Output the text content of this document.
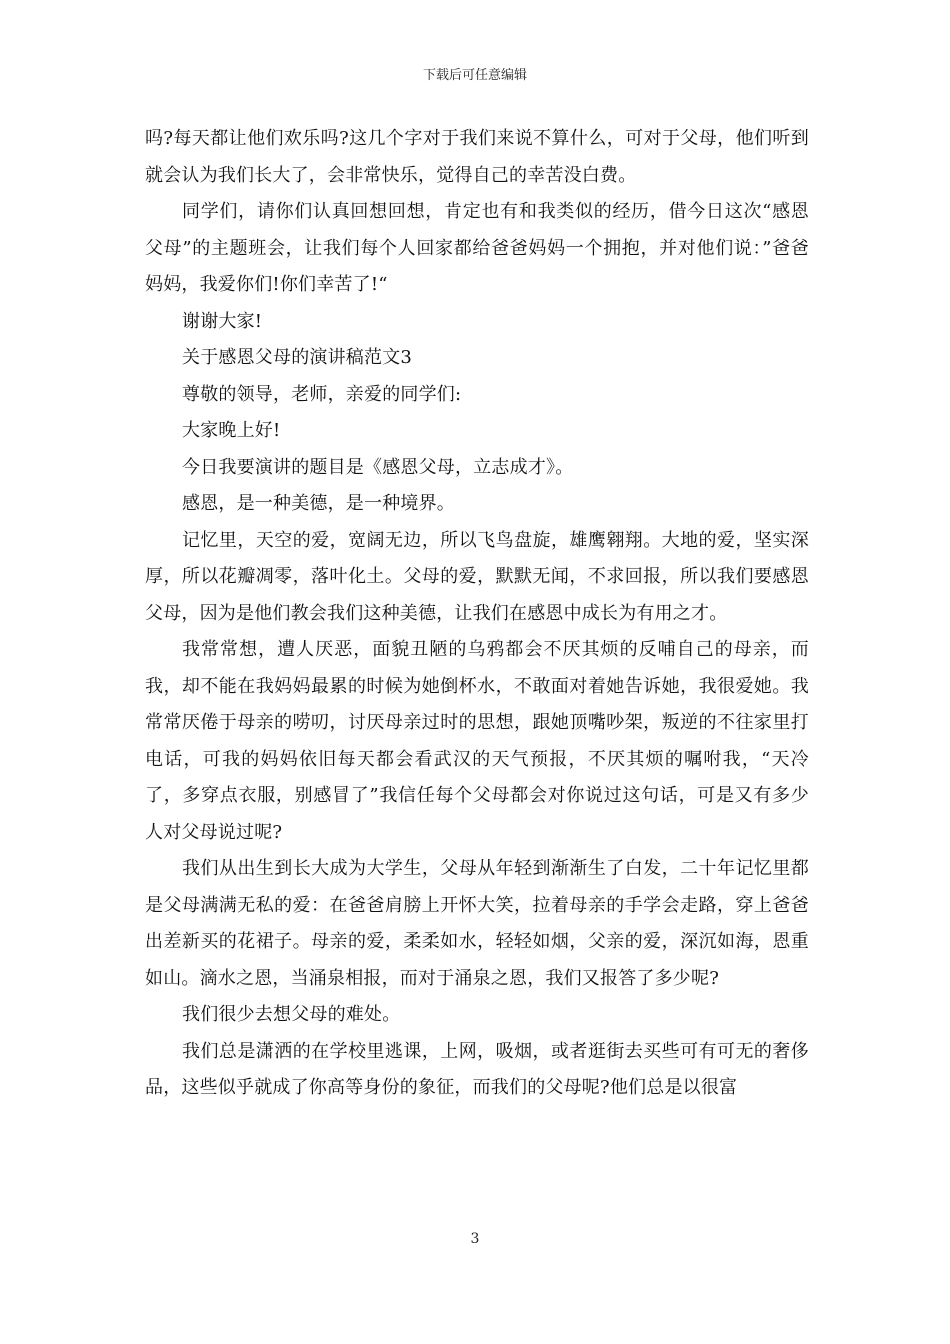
下载后可任意编辑

吗?每天都让他们欢乐吗?这几个字对于我们来说不算什么，可对于父母，他们听到就会认为我们长大了，会非常快乐，觉得自己的幸苦没白费。

同学们，请你们认真回想回想，肯定也有和我类似的经历，借今日这次“感恩父母”的主题班会，让我们每个人回家都给爸爸妈妈一个拥抱，并对他们说：”爸爸妈妈，我爱你们!你们幸苦了!“

谢谢大家!

关于感恩父母的演讲稿范文3

尊敬的领导，老师，亲爱的同学们:

大家晚上好!

今日我要演讲的题目是《感恩父母，立志成才》。

感恩，是一种美德，是一种境界。

记忆里，天空的爱，宽阔无边，所以飞鸟盘旋，雄鹰翱翔。大地的爱，坚实深厚，所以花瓣凋零，落叶化土。父母的爱，默默无闻，不求回报，所以我们要感恩父母，因为是他们教会我们这种美德，让我们在感恩中成长为有用之才。

我常常想，遭人厌恶，面貌丑陋的乌鸦都会不厌其烦的反哺自己的母亲，而我，却不能在我妈妈最累的时候为她倒杯水，不敢面对着她告诉她，我很爱她。我常常厌倦于母亲的唠叨，讨厌母亲过时的思想，跟她顶嘴吵架，叛逆的不往家里打电话，可我的妈妈依旧每天都会看武汉的天气预报，不厌其烦的嘱咐我，“天冷了，多穿点衣服，别感冒了”我信任每个父母都会对你说过这句话，可是又有多少人对父母说过呢?

我们从出生到长大成为大学生，父母从年轻到渐渐生了白发，二十年记忆里都是父母满满无私的爱：在爸爸肩膀上开怀大笑，拉着母亲的手学会走路，穿上爸爸出差新买的花裙子。母亲的爱，柔柔如水，轻轻如烟，父亲的爱，深沉如海，恩重如山。滴水之恩，当涌泉相报，而对于涌泉之恩，我们又报答了多少呢?

我们很少去想父母的难处。

我们总是潇洒的在学校里逃课，上网，吸烟，或者逛街去买些可有可无的奢侈品，这些似乎就成了你高等身份的象征，而我们的父母呢?他们总是以很富

3
